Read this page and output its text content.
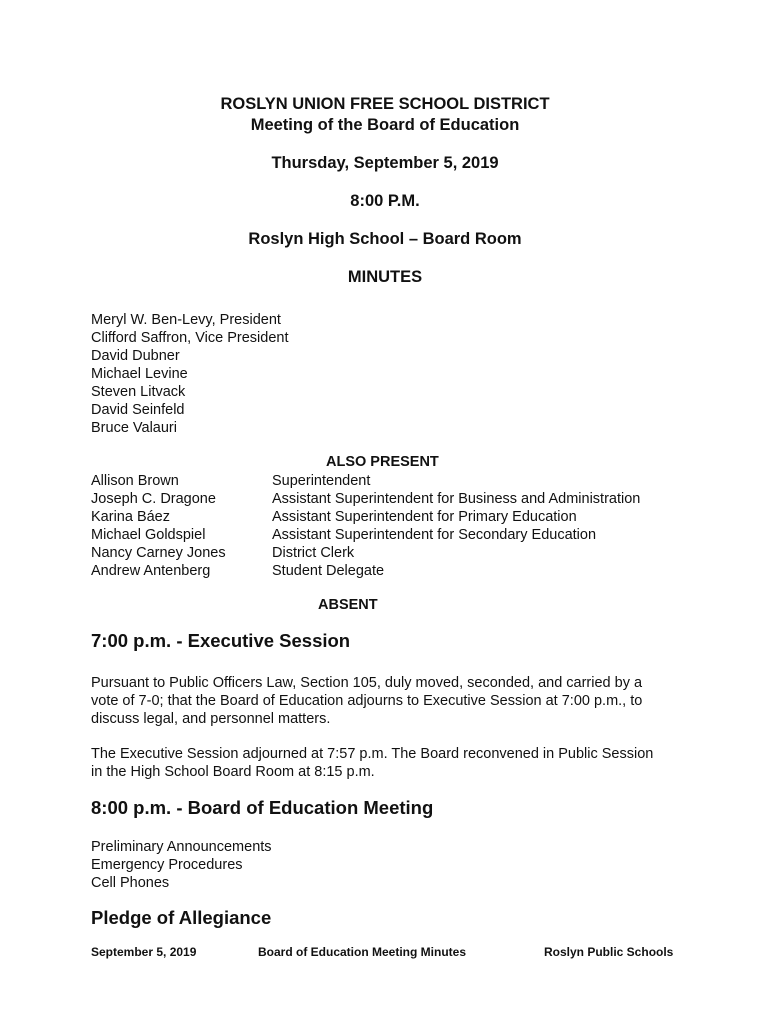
ROSLYN UNION FREE SCHOOL DISTRICT
Meeting of the Board of Education
Thursday, September 5, 2019
8:00 P.M.
Roslyn High School – Board Room
MINUTES
Meryl W. Ben-Levy, President
Clifford Saffron, Vice President
David Dubner
Michael Levine
Steven Litvack
David Seinfeld
Bruce Valauri
ALSO PRESENT
Allison Brown	Superintendent
Joseph C. Dragone	Assistant Superintendent for Business and Administration
Karina Báez	Assistant Superintendent for Primary Education
Michael Goldspiel	Assistant Superintendent for Secondary Education
Nancy Carney Jones	District Clerk
Andrew Antenberg	Student Delegate
ABSENT
7:00 p.m. - Executive Session
Pursuant to Public Officers Law, Section 105, duly moved, seconded, and carried by a
vote of 7-0; that the Board of Education adjourns to Executive Session at 7:00 p.m., to
discuss legal, and personnel matters.
The Executive Session adjourned at 7:57 p.m. The Board reconvened in Public Session
in the High School Board Room at 8:15 p.m.
8:00 p.m. - Board of Education Meeting
Preliminary Announcements
Emergency Procedures
Cell Phones
Pledge of Allegiance
September 5, 2019	Board of Education Meeting Minutes	Roslyn Public Schools
